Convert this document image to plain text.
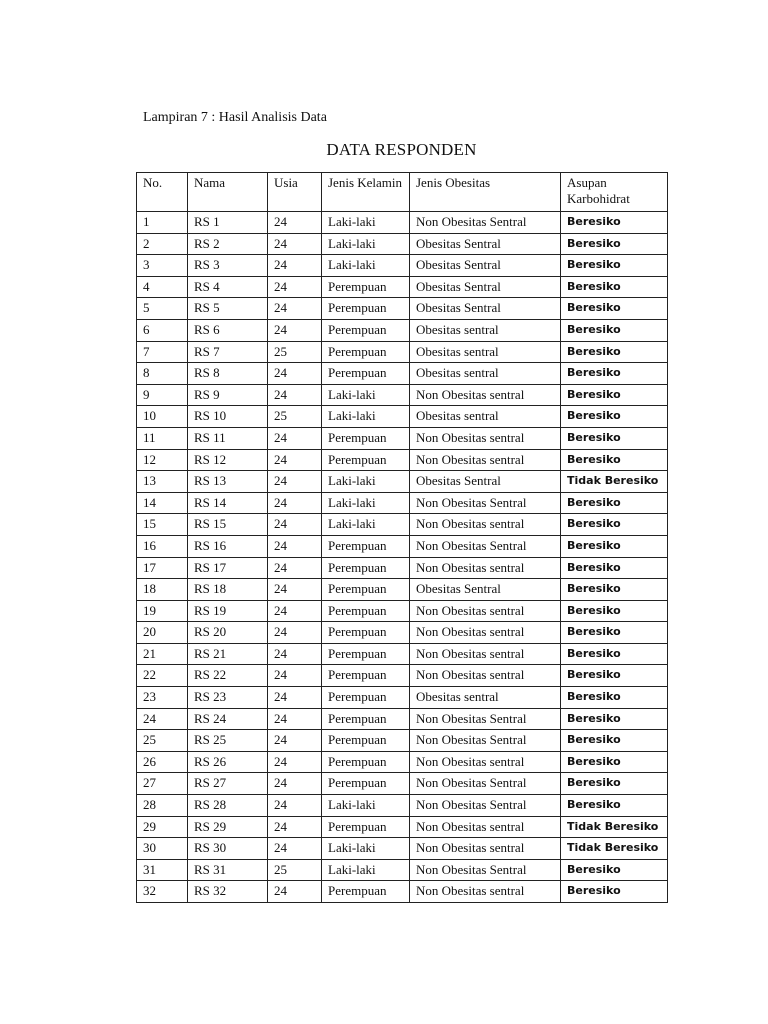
Lampiran 7 : Hasil Analisis Data
DATA RESPONDEN
No.	Nama	Usia	Jenis Kelamin	Jenis Obesitas	Asupan Karbohidrat
1	RS 1	24	Laki-laki	Non Obesitas Sentral	Beresiko
2	RS 2	24	Laki-laki	Obesitas Sentral	Beresiko
3	RS 3	24	Laki-laki	Obesitas Sentral	Beresiko
4	RS 4	24	Perempuan	Obesitas Sentral	Beresiko
5	RS 5	24	Perempuan	Obesitas Sentral	Beresiko
6	RS 6	24	Perempuan	Obesitas sentral	Beresiko
7	RS 7	25	Perempuan	Obesitas sentral	Beresiko
8	RS 8	24	Perempuan	Obesitas sentral	Beresiko
9	RS 9	24	Laki-laki	Non Obesitas sentral	Beresiko
10	RS 10	25	Laki-laki	Obesitas sentral	Beresiko
11	RS 11	24	Perempuan	Non Obesitas sentral	Beresiko
12	RS 12	24	Perempuan	Non Obesitas sentral	Beresiko
13	RS 13	24	Laki-laki	Obesitas Sentral	Tidak Beresiko
14	RS 14	24	Laki-laki	Non Obesitas Sentral	Beresiko
15	RS 15	24	Laki-laki	Non Obesitas sentral	Beresiko
16	RS 16	24	Perempuan	Non Obesitas Sentral	Beresiko
17	RS 17	24	Perempuan	Non Obesitas sentral	Beresiko
18	RS 18	24	Perempuan	Obesitas Sentral	Beresiko
19	RS 19	24	Perempuan	Non Obesitas sentral	Beresiko
20	RS 20	24	Perempuan	Non Obesitas sentral	Beresiko
21	RS 21	24	Perempuan	Non Obesitas sentral	Beresiko
22	RS 22	24	Perempuan	Non Obesitas sentral	Beresiko
23	RS 23	24	Perempuan	Obesitas sentral	Beresiko
24	RS 24	24	Perempuan	Non Obesitas Sentral	Beresiko
25	RS 25	24	Perempuan	Non Obesitas Sentral	Beresiko
26	RS 26	24	Perempuan	Non Obesitas sentral	Beresiko
27	RS 27	24	Perempuan	Non Obesitas Sentral	Beresiko
28	RS 28	24	Laki-laki	Non Obesitas Sentral	Beresiko
29	RS 29	24	Perempuan	Non Obesitas sentral	Tidak Beresiko
30	RS 30	24	Laki-laki	Non Obesitas sentral	Tidak Beresiko
31	RS 31	25	Laki-laki	Non Obesitas Sentral	Beresiko
32	RS 32	24	Perempuan	Non Obesitas sentral	Beresiko
